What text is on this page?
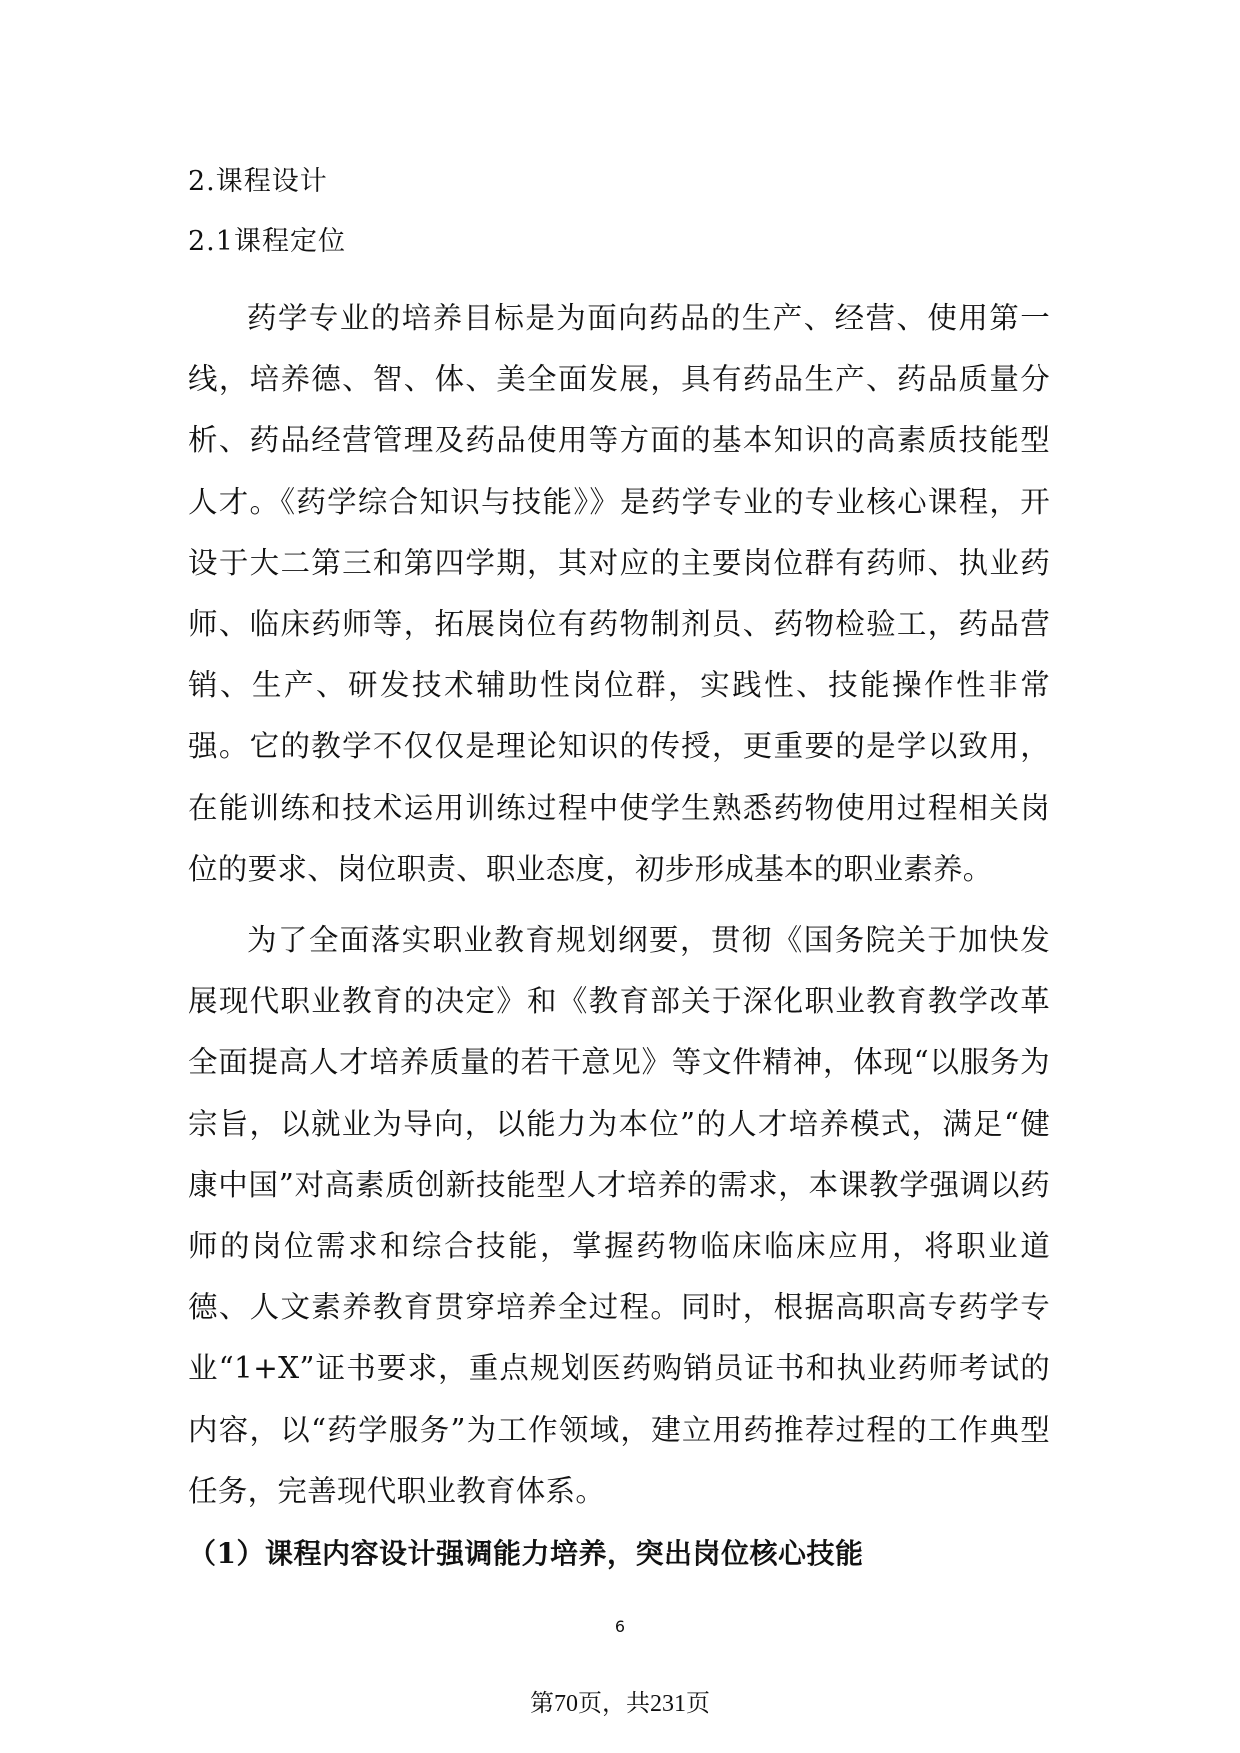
2.课程设计
2.1课程定位

药学专业的培养目标是为面向药品的生产、经营、使用第一线，培养德、智、体、美全面发展，具有药品生产、药品质量分析、药品经营管理及药品使用等方面的基本知识的高素质技能型人才。《药学综合知识与技能》》是药学专业的专业核心课程，开设于大二第三和第四学期，其对应的主要岗位群有药师、执业药师、临床药师等，拓展岗位有药物制剂员、药物检验工，药品营销、生产、研发技术辅助性岗位群，实践性、技能操作性非常强。它的教学不仅仅是理论知识的传授，更重要的是学以致用，在能训练和技术运用训练过程中使学生熟悉药物使用过程相关岗位的要求、岗位职责、职业态度，初步形成基本的职业素养。

为了全面落实职业教育规划纲要，贯彻《国务院关于加快发展现代职业教育的决定》和《教育部关于深化职业教育教学改革全面提高人才培养质量的若干意见》等文件精神，体现“以服务为宗旨，以就业为导向，以能力为本位”的人才培养模式，满足“健康中国”对高素质创新技能型人才培养的需求，本课教学强调以药师的岗位需求和综合技能，掌握药物临床临床应用，将职业道德、人文素养教育贯穿培养全过程。同时，根据高职高专药学专业“1+X”证书要求，重点规划医药购销员证书和执业药师考试的内容，以“药学服务”为工作领域，建立用药推荐过程的工作典型任务，完善现代职业教育体系。

（1）课程内容设计强调能力培养，突出岗位核心技能
6
第70页，共231页
